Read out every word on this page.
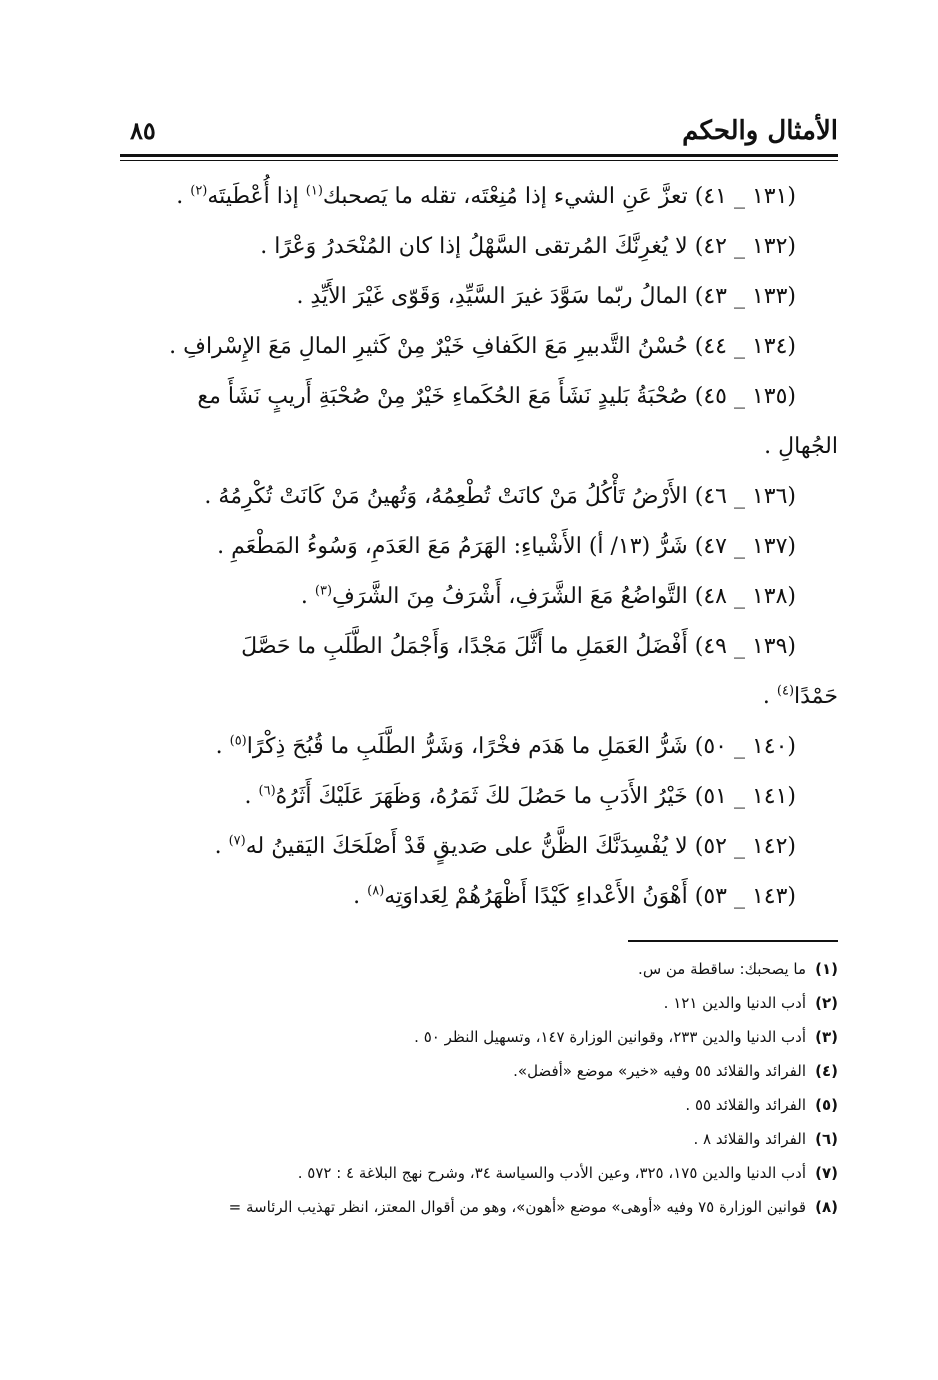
الأمثال والحكم
٨٥

(١٣١ _ ٤١) تعزَّ عَنِ الشيء إذا مُنِعْتَه، تقله ما يَصحبك$^{(١)}$ إذا أُعْطَيتَه$^{(٢)}$ .

(١٣٢ _ ٤٢) لا يُغرِنَّكَ المُرتقى السَّهْلُ إذا كان المُنْحَدرُ وَعْرًا .

(١٣٣ _ ٤٣) المالُ ربّما سَوَّدَ غيرَ السَّيِّدِ، وَقَوّى غَيْرَ الأَيِّدِ .

(١٣٤ _ ٤٤) حُسْنُ التَّدبيرِ مَعَ الكَفافِ خَيْرٌ مِنْ كَثيرِ المالِ مَعَ الإِسْرافِ .

(١٣٥ _ ٤٥) صُحْبَةُ بَليدٍ نَشَأَ مَعَ الحُكَماءِ خَيْرٌ مِنْ صُحْبَةِ أَريبٍ نَشَأَ مع
الجُهالِ .

(١٣٦ _ ٤٦) الأَرْضُ تَأْكُلُ مَنْ كانَتْ تُطْعِمُهُ، وَتُهينُ مَنْ كَانَتْ تُكْرِمُهُ .

(١٣٧ _ ٤٧) شَرُّ (١٣/ أ) الأَشْياءِ: الهَرَمُ مَعَ العَدَمِ، وَسُوءُ المَطْعَمِ .

(١٣٨ _ ٤٨) التَّواضُعُ مَعَ الشَّرَفِ، أَشْرَفُ مِنَ الشَّرَفِ$^{(٣)}$ .

(١٣٩ _ ٤٩) أَفْضَلُ العَمَلِ ما أَثَّلَ مَجْدًا، وَأَجْمَلُ الطَّلَبِ ما حَصَّلَ
حَمْدًا$^{(٤)}$ .

(١٤٠ _ ٥٠) شَرُّ العَمَلِ ما هَدَم فخْرًا، وَشَرُّ الطَّلَبِ ما قُبُحَ ذِكْرًا$^{(٥)}$ .

(١٤١ _ ٥١) خَيْرُ الأَدَبِ ما حَصُلَ لكَ ثَمَرُهُ، وَظَهَرَ عَلَيْكَ أَثَرُهُ$^{(٦)}$ .

(١٤٢ _ ٥٢) لا يُفْسِدَنَّكَ الظَّنُّ على صَديقٍ قَدْ أَصْلَحَكَ اليَقينُ له$^{(٧)}$ .

(١٤٣ _ ٥٣) أَهْوَنُ الأَعْداءِ كَيْدًا أَظْهَرُهُمْ لِعَداوَتِه$^{(٨)}$ .

(١)ما يصحبك: ساقطة من س.

(٢)أدب الدنيا والدين ١٢١ .

(٣)أدب الدنيا والدين ٢٣٣، وقوانين الوزارة ١٤٧، وتسهيل النظر ٥٠ .

(٤)الفرائد والقلائد ٥٥ وفيه «خير» موضع «أفضل».

(٥)الفرائد والقلائد ٥٥ .

(٦)الفرائد والقلائد ٨ .

(٧)أدب الدنيا والدين ١٧٥، ٣٢٥، وعين الأدب والسياسة ٣٤، وشرح نهج البلاغة ٤ : ٥٧٢ .

(٨)قوانين الوزارة ٧٥ وفيه «أوهى» موضع «أهون»، وهو من أقوال المعتز، انظر تهذيب الرئاسة =
